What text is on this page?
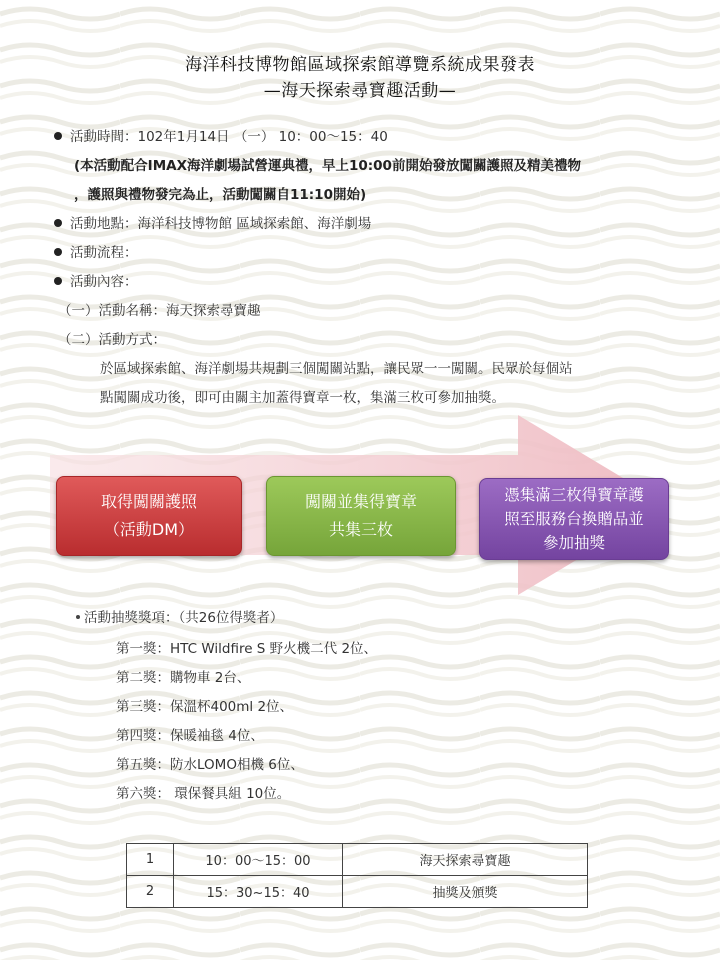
海洋科技博物館區域探索館導覽系統成果發表
—海天探索尋寶趣活動—
活動時間：102年1月14日 （一） 10：00～15：40
(本活動配合IMAX海洋劇場試營運典禮，早上10:00前開始發放闖關護照及精美禮物
，護照與禮物發完為止，活動闖關自11:10開始)
活動地點：海洋科技博物館 區域探索館、海洋劇場
活動流程：
活動內容：
（一）活動名稱：海天探索尋寶趣
（二）活動方式：
於區域探索館、海洋劇場共規劃三個闖關站點，讓民眾一一闖關。民眾於每個站
點闖關成功後，即可由關主加蓋得寶章一枚，集滿三枚可參加抽獎。
取得闖關護照
（活動DM）
闖關並集得寶章
共集三枚
憑集滿三枚得寶章護
照至服務台換贈品並
參加抽獎
活動抽獎獎項：（共26位得獎者）
第一獎：HTC Wildfire S 野火機二代 2位、
第二獎：購物車 2台、
第三獎：保溫杯400ml 2位、
第四獎：保暖袖毯 4位、
第五獎：防水LOMO相機 6位、
第六獎： 環保餐具組 10位。
1	10：00～15：00	海天探索尋寶趣
2	15：30~15：40	抽獎及頒獎
